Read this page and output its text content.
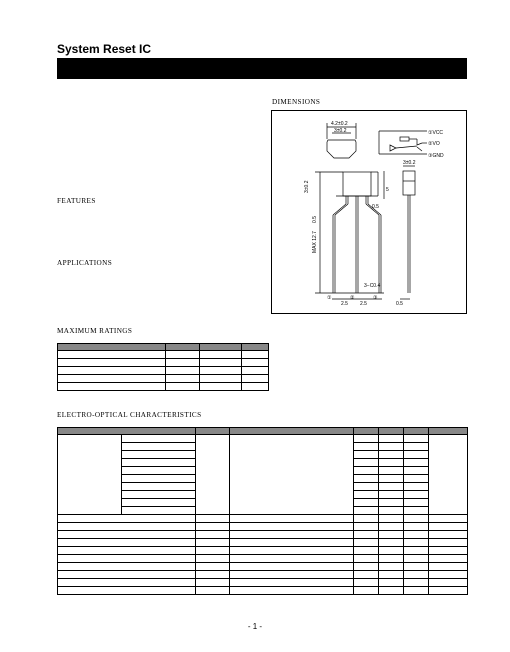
System Reset IC
DIMENSIONS
FEATURES
APPLICATIONS
MAXIMUM RATINGS
ELECTRO-OPTICAL CHARACTERISTICS
4.2±0.2
3±0.2	①VCC
②VO
③GND
3±0.2
5
0.5
3−C0.4
2.5 2.5	0.5
①	②	③
3±0.2
0.5
MAX 12.7

- 1 -
